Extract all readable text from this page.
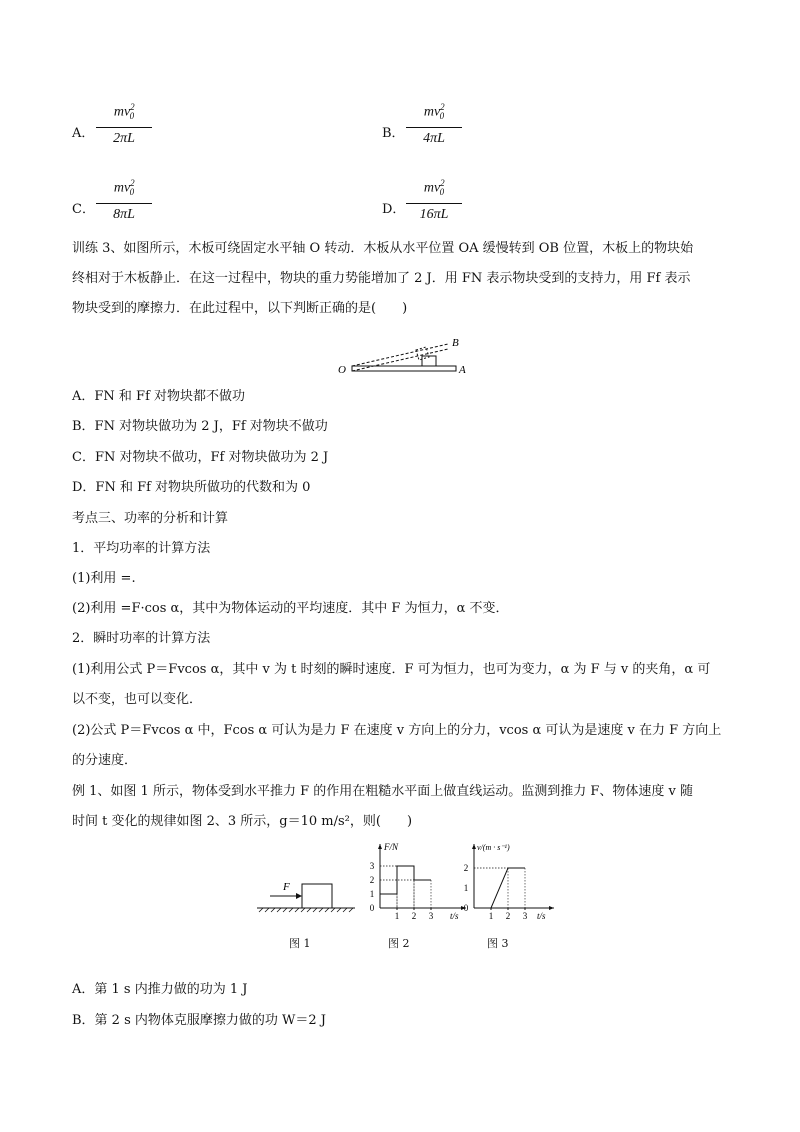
A．
$mv^2_0$
2πL	B．
$mv^2_0$
4πL
C．
$mv^2_0$
8πL	D．
$mv^2_0$
16πL
训练 3、如图所示，木板可绕固定水平轴 O 转动．木板从水平位置 OA 缓慢转到 OB 位置，木板上的物块始
终相对于木板静止．在这一过程中，物块的重力势能增加了 2 J．用 FN 表示物块受到的支持力，用 Ff 表示
物块受到的摩擦力．在此过程中，以下判断正确的是(　　)
O	A
B
A．FN 和 Ff 对物块都不做功
B．FN 对物块做功为 2 J，Ff 对物块不做功
C．FN 对物块不做功，Ff 对物块做功为 2 J
D．FN 和 Ff 对物块所做功的代数和为 0
考点三、功率的分析和计算
1．平均功率的计算方法
(1)利用 =.
(2)利用 =F·cos α，其中为物体运动的平均速度．其中 F 为恒力，α 不变．
2．瞬时功率的计算方法
(1)利用公式 P＝Fvcos α，其中 v 为 t 时刻的瞬时速度．F 可为恒力，也可为变力，α 为 F 与 v 的夹角，α 可
以不变，也可以变化．
(2)公式 P＝Fvcos α 中，Fcos α 可认为是力 F 在速度 v 方向上的分力，vcos α 可认为是速度 v 在力 F 方向上
的分速度．
例 1、如图 1 所示，物体受到水平推力 F 的作用在粗糙水平面上做直线运动。监测到推力 F、物体速度 v 随
时间 t 变化的规律如图 2、3 所示，g＝10 m/s²，则(　　)
F
图 1
F/N
t/s
3
2
1
0
1 2 3
图 2
v/(m · s⁻¹)
t/s
2
1
0
1 2 3
图 3
A．第 1 s 内推力做的功为 1 J
B．第 2 s 内物体克服摩擦力做的功 W＝2 J
